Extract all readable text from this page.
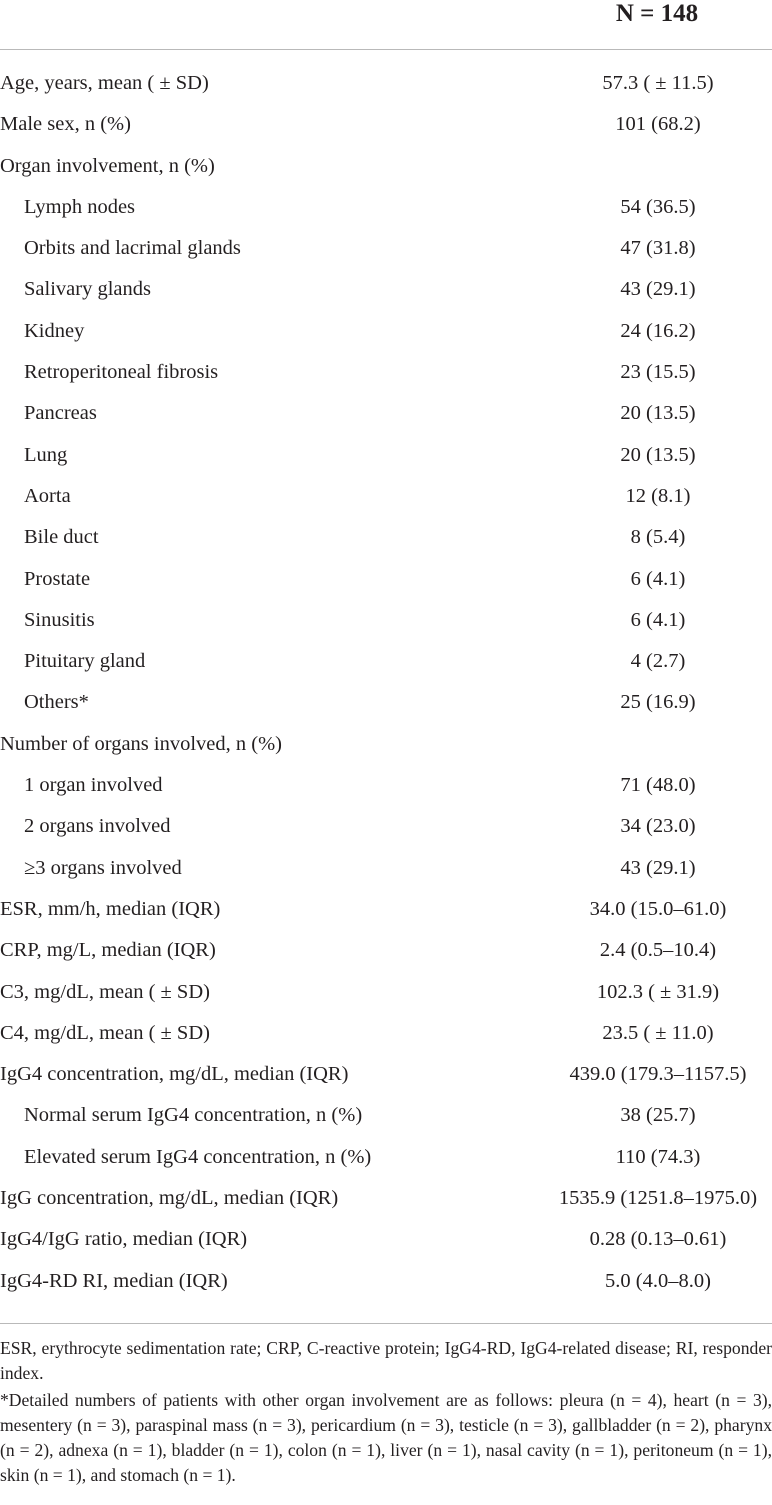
N = 148
Age, years, mean ( ± SD)	57.3 ( ± 11.5)
Male sex, n (%)	101 (68.2)
Organ involvement, n (%)
Lymph nodes	54 (36.5)
Orbits and lacrimal glands	47 (31.8)
Salivary glands	43 (29.1)
Kidney	24 (16.2)
Retroperitoneal fibrosis	23 (15.5)
Pancreas	20 (13.5)
Lung	20 (13.5)
Aorta	12 (8.1)
Bile duct	8 (5.4)
Prostate	6 (4.1)
Sinusitis	6 (4.1)
Pituitary gland	4 (2.7)
Others*	25 (16.9)
Number of organs involved, n (%)
1 organ involved	71 (48.0)
2 organs involved	34 (23.0)
≥3 organs involved	43 (29.1)
ESR, mm/h, median (IQR)	34.0 (15.0–61.0)
CRP, mg/L, median (IQR)	2.4 (0.5–10.4)
C3, mg/dL, mean ( ± SD)	102.3 ( ± 31.9)
C4, mg/dL, mean ( ± SD)	23.5 ( ± 11.0)
IgG4 concentration, mg/dL, median (IQR)	439.0 (179.3–1157.5)
Normal serum IgG4 concentration, n (%)	38 (25.7)
Elevated serum IgG4 concentration, n (%)	110 (74.3)
IgG concentration, mg/dL, median (IQR)	1535.9 (1251.8–1975.0)
IgG4/IgG ratio, median (IQR)	0.28 (0.13–0.61)
IgG4-RD RI, median (IQR)	5.0 (4.0–8.0)

ESR, erythrocyte sedimentation rate; CRP, C-reactive protein; IgG4-RD, IgG4-related disease; RI, responder index.

*Detailed numbers of patients with other organ involvement are as follows: pleura (n = 4), heart (n = 3), mesentery (n = 3), paraspinal mass (n = 3), pericardium (n = 3), testicle (n = 3), gallbladder (n = 2), pharynx (n = 2), adnexa (n = 1), bladder (n = 1), colon (n = 1), liver (n = 1), nasal cavity (n = 1), peritoneum (n = 1), skin (n = 1), and stomach (n = 1).
